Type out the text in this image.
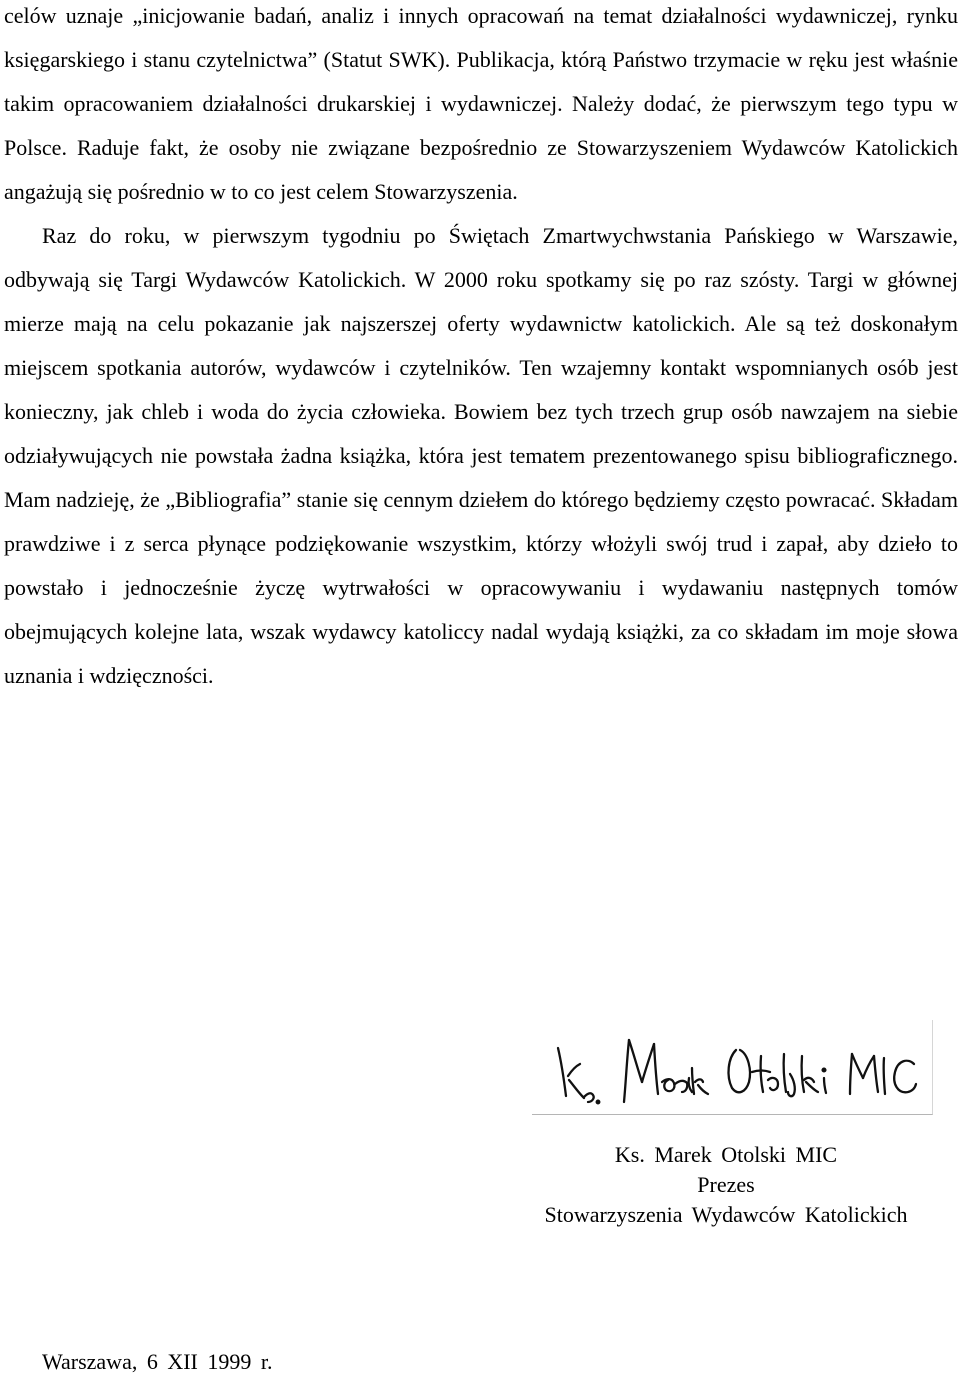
celów uznaje „inicjowanie badań, analiz i innych opracowań na temat działalności wydawniczej, rynku księgarskiego i stanu czytelnictwa” (Statut SWK). Publikacja, którą Państwo trzymacie w ręku jest właśnie takim opracowaniem działalności drukarskiej i wydawniczej. Należy dodać, że pierwszym tego typu w Polsce. Raduje fakt, że osoby nie związane bezpośrednio ze Stowarzyszeniem Wydawców Katolickich angażują się pośrednio w to co jest celem Stowarzyszenia.

Raz do roku, w pierwszym tygodniu po Świętach Zmartwychwstania Pańskiego w Warszawie, odbywają się Targi Wydawców Katolickich. W 2000 roku spotkamy się po raz szósty. Targi w głównej mierze mają na celu pokazanie jak najszerszej oferty wydawnictw katolickich. Ale są też doskonałym miejscem spotkania autorów, wydawców i czytelników. Ten wzajemny kontakt wspomnianych osób jest konieczny, jak chleb i woda do życia człowieka. Bowiem bez tych trzech grup osób nawzajem na siebie odziaływujących nie powstała żadna książka, która jest tematem prezentowanego spisu bibliograficznego. Mam nadzieję, że „Bibliografia” stanie się cennym dziełem do którego będziemy często powracać. Składam prawdziwe i z serca płynące podziękowanie wszystkim, którzy włożyli swój trud i zapał, aby dzieło to powstało i jednocześnie życzę wytrwałości w opracowywaniu i wydawaniu następnych tomów obejmujących kolejne lata, wszak wydawcy katoliccy nadal wydają książki, za co składam im moje słowa uznania i wdzięczności.

Ks. Marek Otolski MIC
Prezes
Stowarzyszenia Wydawców Katolickich
Warszawa, 6 XII 1999 r.
